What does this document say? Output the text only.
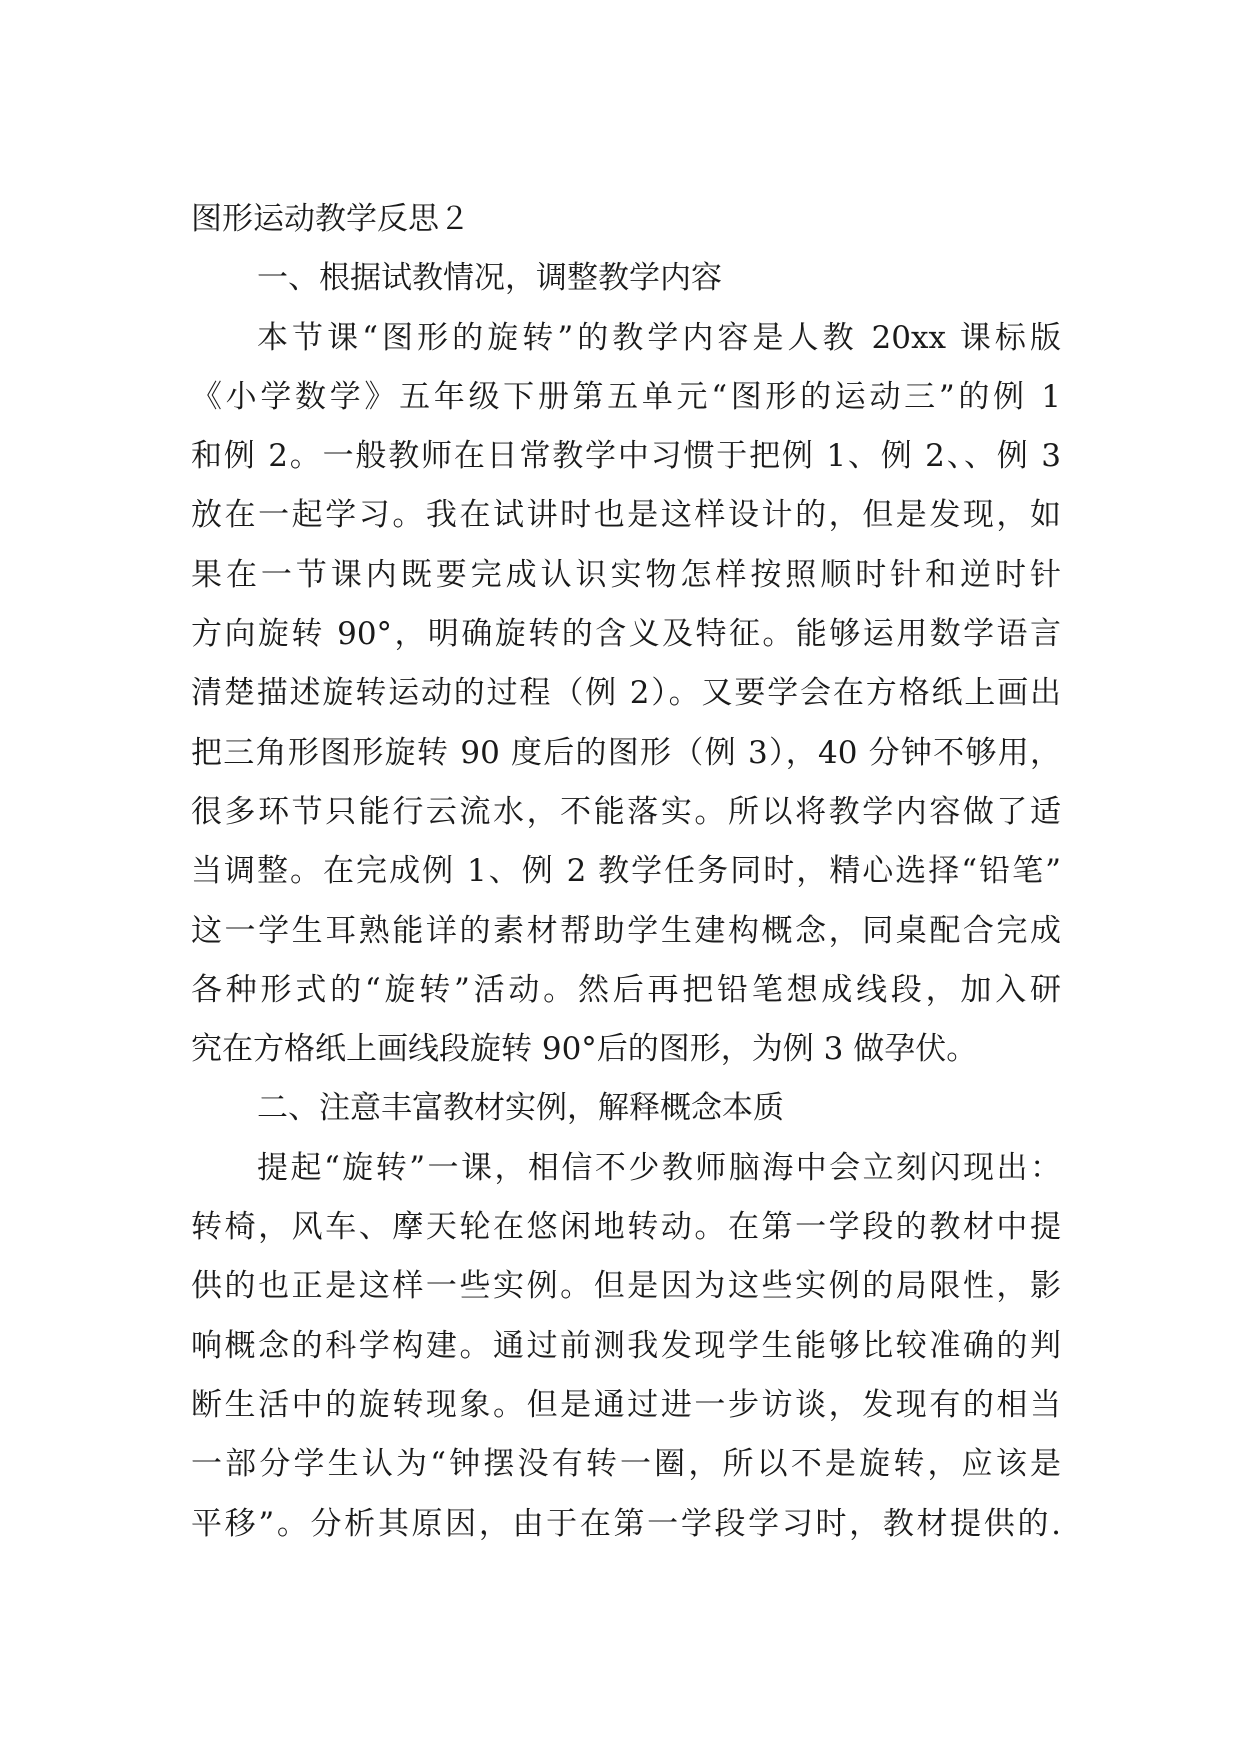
图形运动教学反思２
一、根据试教情况，调整教学内容
本节课“图形的旋转”的教学内容是人教 20xx 课标版
《小学数学》五年级下册第五单元“图形的运动三”的例 1
和例 2。一般教师在日常教学中习惯于把例 1、例 2、、例 3
放在一起学习。我在试讲时也是这样设计的，但是发现，如
果在一节课内既要完成认识实物怎样按照顺时针和逆时针
方向旋转 90°，明确旋转的含义及特征。能够运用数学语言
清楚描述旋转运动的过程（例 2）。又要学会在方格纸上画出
把三角形图形旋转 90 度后的图形（例 3），40 分钟不够用，
很多环节只能行云流水，不能落实。所以将教学内容做了适
当调整。在完成例 1、例 2 教学任务同时，精心选择“铅笔”
这一学生耳熟能详的素材帮助学生建构概念，同桌配合完成
各种形式的“旋转”活动。然后再把铅笔想成线段，加入研
究在方格纸上画线段旋转 90°后的图形，为例 3 做孕伏。
二、注意丰富教材实例，解释概念本质
提起“旋转”一课，相信不少教师脑海中会立刻闪现出：
转椅，风车、摩天轮在悠闲地转动。在第一学段的教材中提
供的也正是这样一些实例。但是因为这些实例的局限性，影
响概念的科学构建。通过前测我发现学生能够比较准确的判
断生活中的旋转现象。但是通过进一步访谈，发现有的相当
一部分学生认为“钟摆没有转一圈，所以不是旋转，应该是
平移”。分析其原因，由于在第一学段学习时，教材提供的.
